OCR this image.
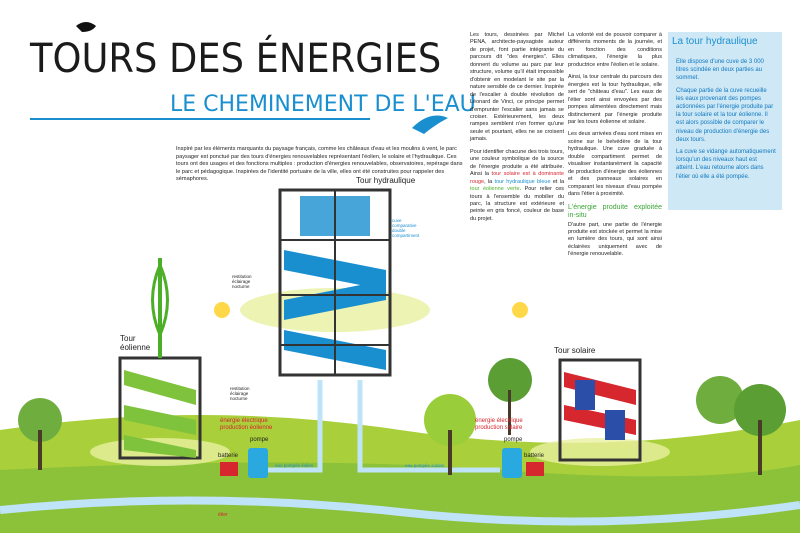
TOURS DES ÉNERGIES
LE CHEMINEMENT DE L'EAU
Inspiré par les éléments marquants du paysage français, comme les châteaux d'eau et les moulins à vent, le parc paysager est ponctué par des tours d'énergies renouvelables représentant l'éolien, le solaire et l'hydraulique. Ces tours ont des usages et des fonctions multiples : production d'énergies renouvelables, observatoires, repérage dans le parc et pédagogique. Inspirées de l'identité portuaire de la ville, elles ont été construites pour rappeler des sémaphores.

Les tours, dessinées par Michel PENA, architecte-paysagiste auteur de projet, font partie intégrante du parcours dit "des énergies". Elles donnent du volume au parc par leur structure, volume qu'il était impossible d'obtenir en modelant le site par la nature sensible de ce dernier. Inspirée de l'escalier à double révolution de Léonard de Vinci, ce principe permet d'emprunter l'escalier sans jamais se croiser. Extérieurement, les deux rampes semblent n'en former qu'une seule et pourtant, elles ne se croisent jamais.

Pour identifier chacune des trois tours, une couleur symbolique de la source de l'énergie produite a été attribuée. Ainsi la tour solaire est à dominante rouge, la tour hydraulique bleue et la tour éolienne verte. Pour relier ces tours à l'ensemble du mobilier du parc, la structure est extérieure et peinte en gris foncé, couleur de base du projet.

La volonté est de pouvoir comparer à différents moments de la journée, et en fonction des conditions climatiques, l'énergie la plus productrice entre l'éolien et le solaire.

Ainsi, la tour centrale du parcours des énergies est la tour hydraulique, elle sert de "château d'eau". Les eaux de l'étier sont ainsi envoyées par des pompes alimentées directement mais distinctement par l'énergie produite par les tours éolienne et solaire.

Les deux arrivées d'eau sont mises en scène sur le belvédère de la tour hydraulique. Une cuve graduée à double compartiment permet de visualiser instantanément la capacité de production d'énergie des éoliennes et des panneaux solaires en comparant les niveaux d'eau pompée dans l'étier à proximité.

L'énergie produite exploitée in-situ

D'autre part, une partie de l'énergie produite est stockée et permet la mise en lumière des tours, qui sont ainsi éclairées uniquement avec de l'énergie renouvelable.

La tour hydraulique
Elle dispose d'une cuve de 3 000 litres scindée en deux parties au sommet.
Chaque partie de la cuve recueille les eaux provenant des pompes actionnées par l'énergie produite par la tour solaire et la tour éolienne. Il est alors possible de comparer le niveau de production d'énergie des deux tours.
La cuve se vidange automatiquement lorsqu'un des niveaux haut est atteint. L'eau retourne alors dans l'étier où elle a été pompée.
Tour hydraulique
Tour
éolienne	Tour solaire
cuve
comparative
double
compartiment
restitution
éclairage
nocturne
restitution
éclairage
nocturne
énergie électrique
production éolienne
énergie électrique
production solaire
pompe	pompe
batterie	batterie
eau pompée éolien	eau pompée solaire
étier
